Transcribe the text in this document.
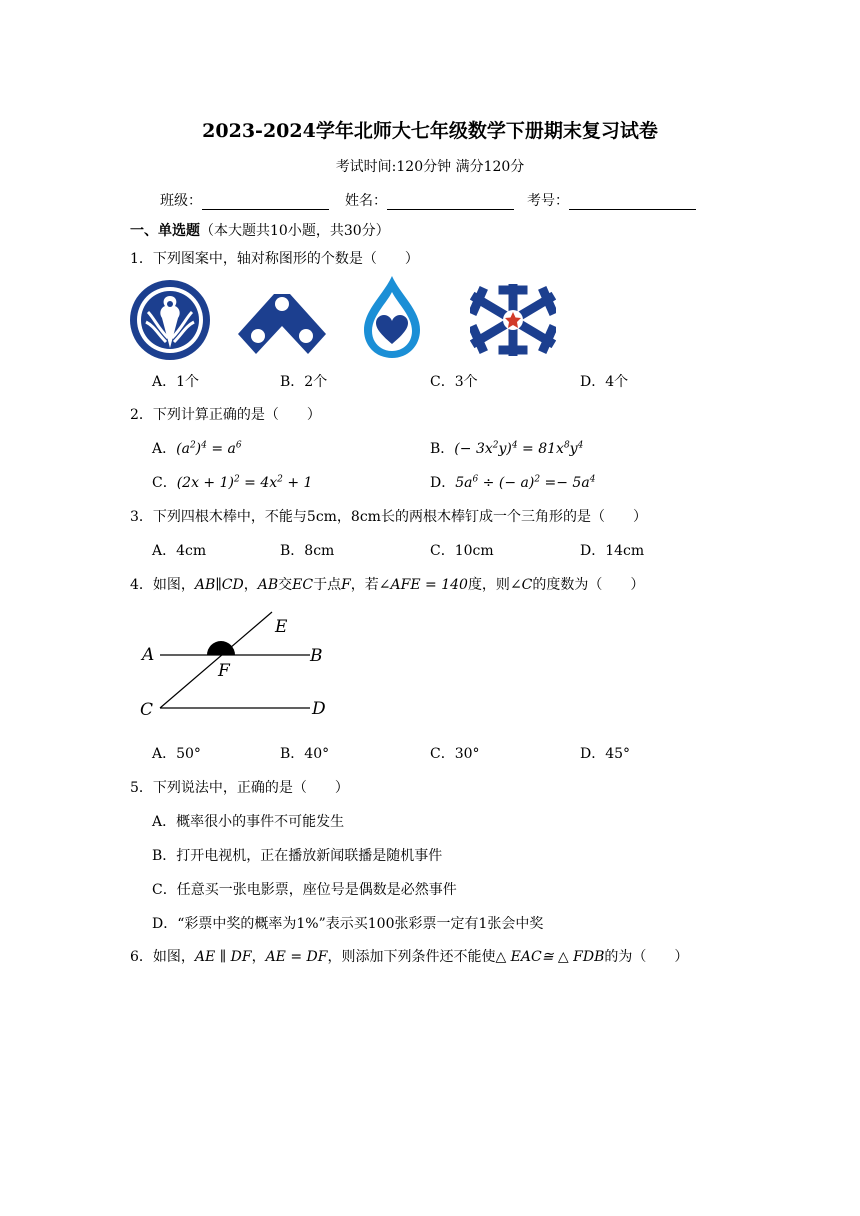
2023-2024学年北师大七年级数学下册期末复习试卷
考试时间:120分钟 满分120分
班级：	姓名：	考号：
一、单选题（本大题共10小题，共30分）
1．下列图案中，轴对称图形的个数是（　　）
A．1个	B．2个	C．3个	D．4个
2．下列计算正确的是（　　）
A．$(a^2)^4 = a^6$	B．(− $3x^2y)^4 = 81x^8y^4$
C．$(2x + 1)^2 = 4x^2 + 1$	D．$5a^6$ ÷ (− $a)^2 =- 5a^4$
3．下列四根木棒中，不能与5cm，8cm长的两根木棒钉成一个三角形的是（　　）
A．4cm	B．8cm	C．10cm	D．14cm
4．如图，AB∥CD，AB交EC于点F，若∠AFE = 140度，则∠C的度数为（　　）
A	B
C	D
E
F
A．50°	B．40°	C．30°	D．45°
5．下列说法中，正确的是（　　）
A．概率很小的事件不可能发生
B．打开电视机，正在播放新闻联播是随机事件
C．任意买一张电影票，座位号是偶数是必然事件
D．“彩票中奖的概率为1%”表示买100张彩票一定有1张会中奖
6．如图，AE ∥ DF，AE = DF，则添加下列条件还不能使△ EAC≅ △ FDB的为（　　）
